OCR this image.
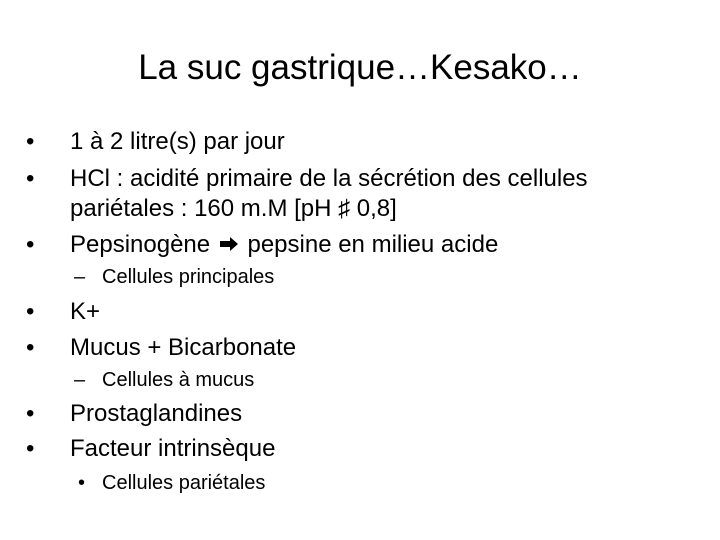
La suc gastrique…Kesako…
•	1 à 2 litre(s) par jour
•	HCl : acidité primaire de la sécrétion des cellules
pariétales : 160 m.M [pH ♯ 0,8]
•	Pepsinogène pepsine en milieu acide
– Cellules principales
•	K+
•	Mucus + Bicarbonate
– Cellules à mucus
•	Prostaglandines
•	Facteur intrinsèque
• Cellules pariétales
